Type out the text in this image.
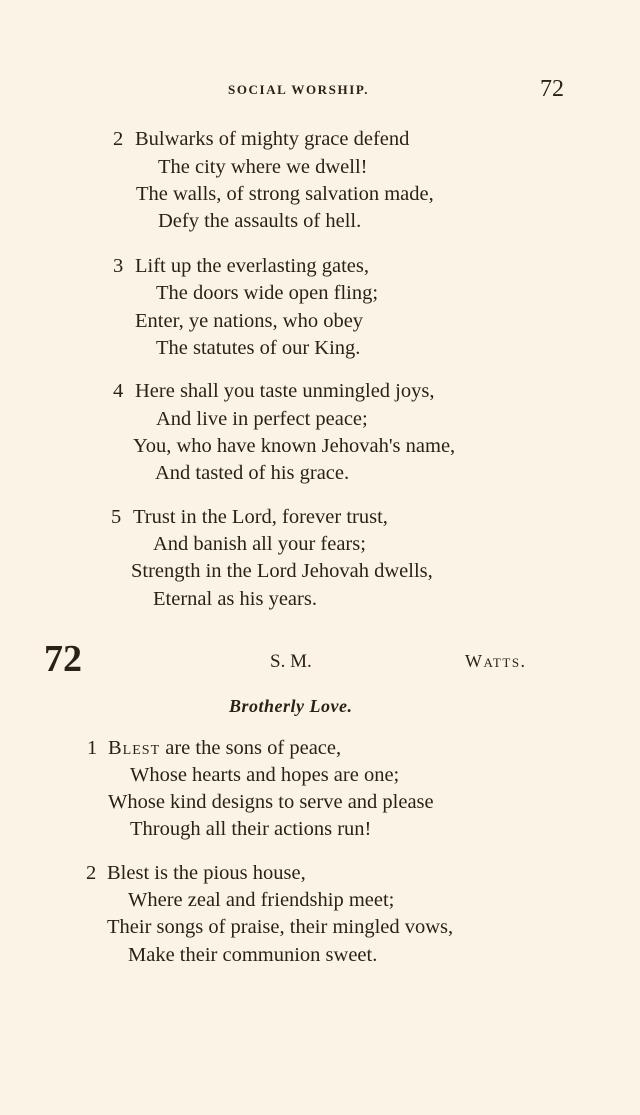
SOCIAL WORSHIP.	72
2 Bulwarks of mighty grace defend
The city where we dwell!
The walls, of strong salvation made,
Defy the assaults of hell.
3 Lift up the everlasting gates,
The doors wide open fling;
Enter, ye nations, who obey
The statutes of our King.
4 Here shall you taste unmingled joys,
And live in perfect peace;
You, who have known Jehovah's name,
And tasted of his grace.
5 Trust in the Lord, forever trust,
And banish all your fears;
Strength in the Lord Jehovah dwells,
Eternal as his years.
72	S. M.	Watts.
Brotherly Love.
1 Blest are the sons of peace,
Whose hearts and hopes are one;
Whose kind designs to serve and please
Through all their actions run!
2 Blest is the pious house,
Where zeal and friendship meet;
Their songs of praise, their mingled vows,
Make their communion sweet.
